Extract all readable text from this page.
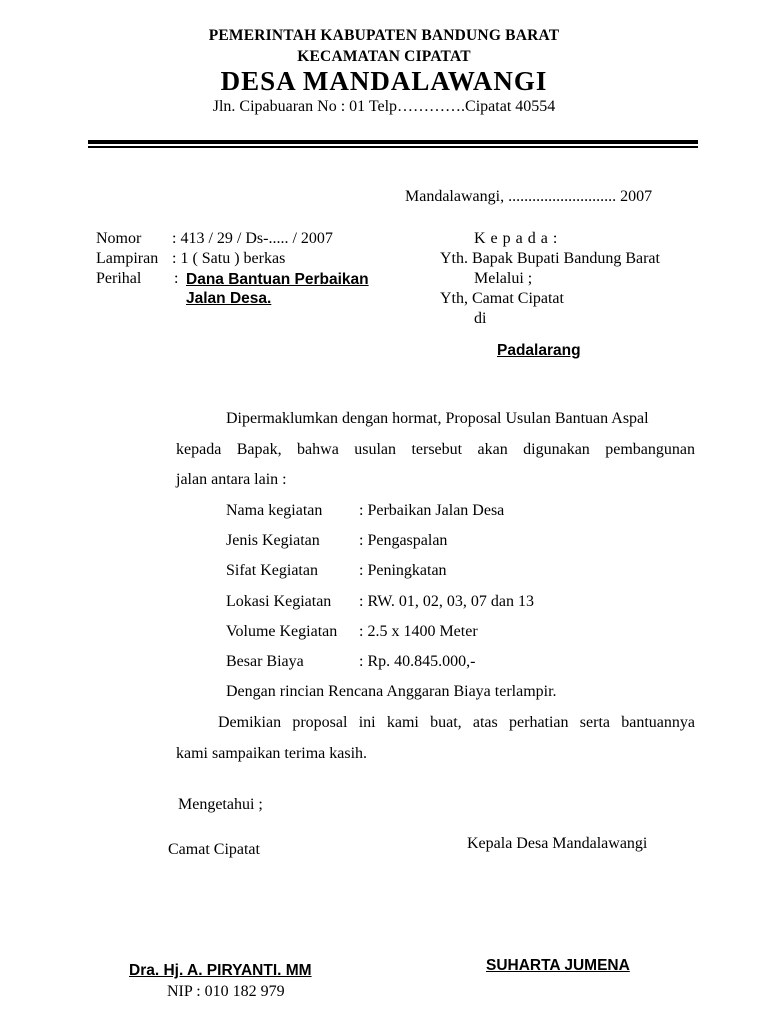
PEMERINTAH KABUPATEN BANDUNG BARAT
KECAMATAN CIPATAT
DESA MANDALAWANGI
Jln. Cipabuaran No : 01 Telp………….Cipatat 40554
Mandalawangi, ........................... 2007
Nomor : 413 / 29 / Ds-..... / 2007
Lampiran : 1 ( Satu ) berkas
Perihal : Dana Bantuan Perbaikan
Jalan Desa.
K e p a d a :
Yth. Bapak Bupati Bandung Barat
Melalui ;
Yth, Camat Cipatat
di
Padalarang
Dipermaklumkan dengan hormat, Proposal Usulan Bantuan Aspal
kepada Bapak, bahwa usulan tersebut akan digunakan pembangunan
jalan antara lain :
Nama kegiatan : Perbaikan Jalan Desa
Jenis Kegiatan : Pengaspalan
Sifat Kegiatan	: Peningkatan
Lokasi Kegiatan : RW. 01, 02, 03, 07 dan 13
Volume Kegiatan : 2.5 x 1400 Meter
Besar Biaya	: Rp. 40.845.000,-
Dengan rincian Rencana Anggaran Biaya terlampir.
Demikian proposal ini kami buat, atas perhatian serta bantuannya
kami sampaikan terima kasih.
Mengetahui ;
Camat Cipatat	Kepala Desa Mandalawangi
Dra. Hj. A. PIRYANTI. MM
NIP : 010 182 979
SUHARTA JUMENA
